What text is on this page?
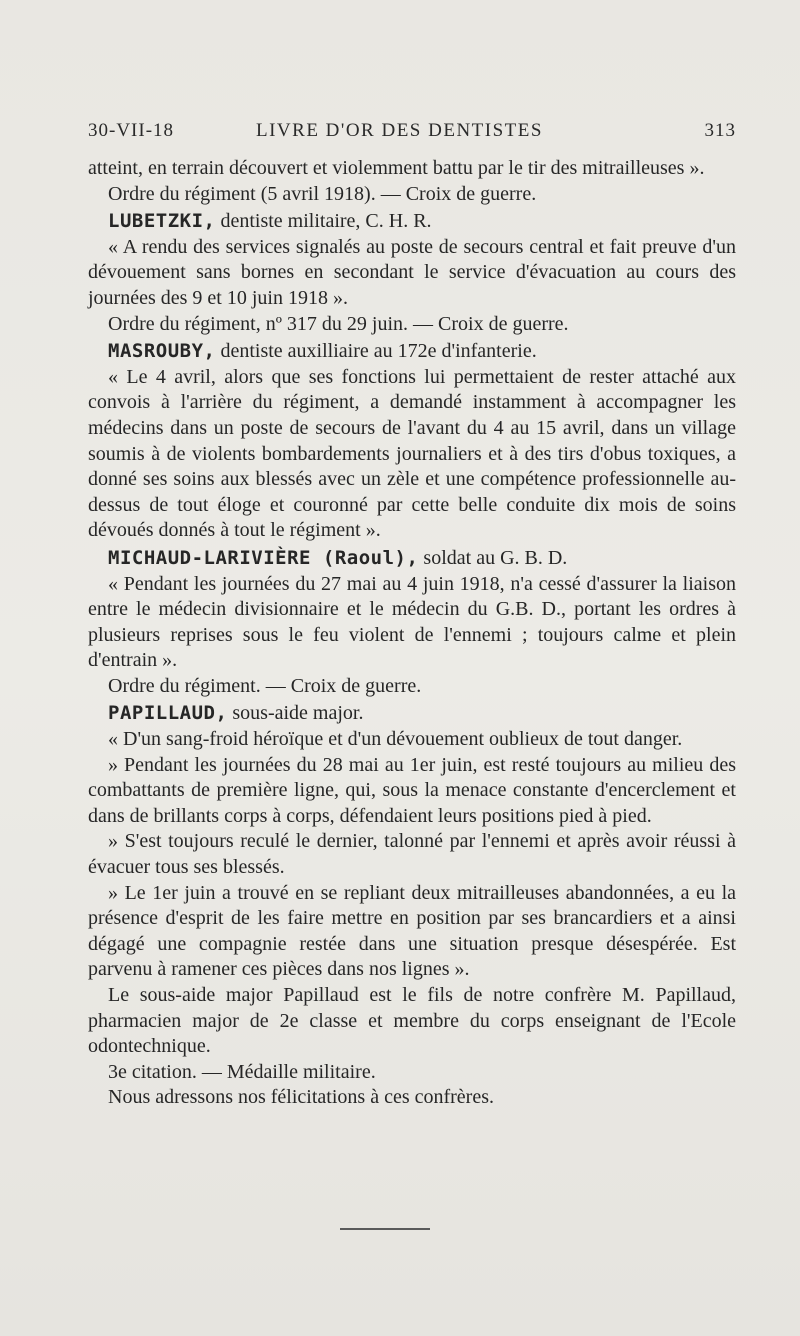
30-VII-18	LIVRE D'OR DES DENTISTES	313

atteint, en terrain découvert et violemment battu par le tir des mitrailleuses ».

Ordre du régiment (5 avril 1918). — Croix de guerre.

LUBETZKI, dentiste militaire, C. H. R.

« A rendu des services signalés au poste de secours central et fait preuve d'un dévouement sans bornes en secondant le service d'évacuation au cours des journées des 9 et 10 juin 1918 ».

Ordre du régiment, nº 317 du 29 juin. — Croix de guerre.

MASROUBY, dentiste auxilliaire au 172e d'infanterie.

« Le 4 avril, alors que ses fonctions lui permettaient de rester attaché aux convois à l'arrière du régiment, a demandé instamment à accompagner les médecins dans un poste de secours de l'avant du 4 au 15 avril, dans un village soumis à de violents bombardements journaliers et à des tirs d'obus toxiques, a donné ses soins aux blessés avec un zèle et une compétence professionnelle au-dessus de tout éloge et couronné par cette belle conduite dix mois de soins dévoués donnés à tout le régiment ».

MICHAUD-LARIVIÈRE (Raoul), soldat au G. B. D.

« Pendant les journées du 27 mai au 4 juin 1918, n'a cessé d'assurer la liaison entre le médecin divisionnaire et le médecin du G.B. D., portant les ordres à plusieurs reprises sous le feu violent de l'ennemi ; toujours calme et plein d'entrain ».

Ordre du régiment. — Croix de guerre.

PAPILLAUD, sous-aide major.

« D'un sang-froid héroïque et d'un dévouement oublieux de tout danger.

» Pendant les journées du 28 mai au 1er juin, est resté toujours au milieu des combattants de première ligne, qui, sous la menace constante d'encerclement et dans de brillants corps à corps, défendaient leurs positions pied à pied.

» S'est toujours reculé le dernier, talonné par l'ennemi et après avoir réussi à évacuer tous ses blessés.

» Le 1er juin a trouvé en se repliant deux mitrailleuses abandonnées, a eu la présence d'esprit de les faire mettre en position par ses brancardiers et a ainsi dégagé une compagnie restée dans une situation presque désespérée. Est parvenu à ramener ces pièces dans nos lignes ».

Le sous-aide major Papillaud est le fils de notre confrère M. Papillaud, pharmacien major de 2e classe et membre du corps enseignant de l'Ecole odontechnique.

3e citation. — Médaille militaire.

Nous adressons nos félicitations à ces confrères.
